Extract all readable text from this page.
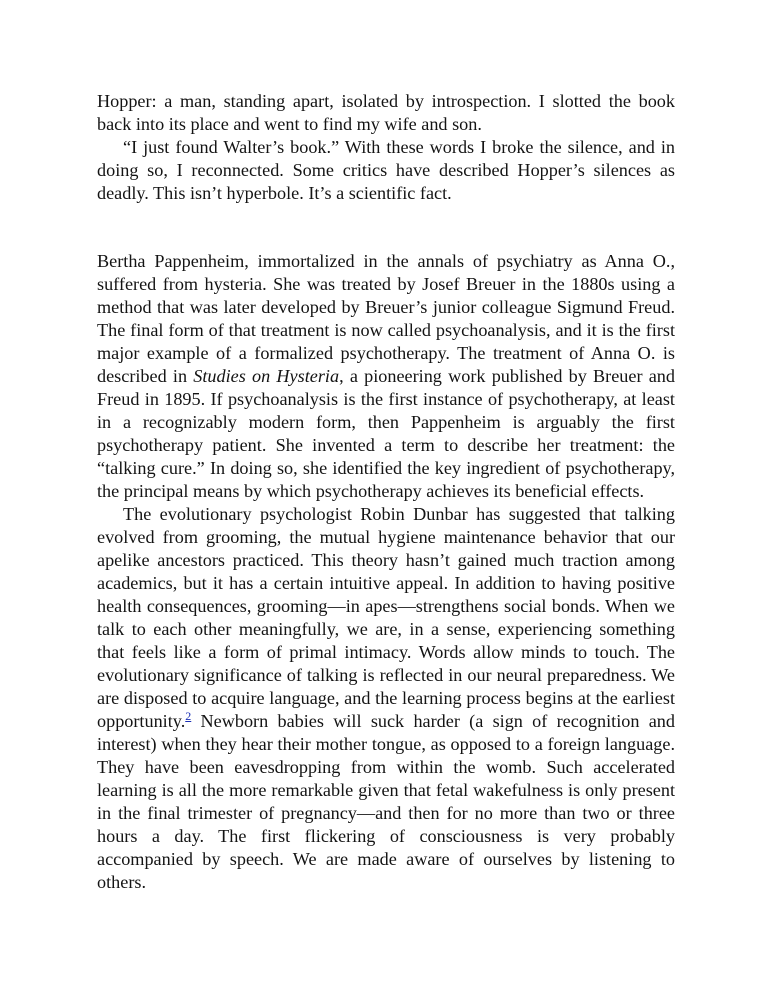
Hopper: a man, standing apart, isolated by introspection. I slotted the book back into its place and went to find my wife and son.

“I just found Walter’s book.” With these words I broke the silence, and in doing so, I reconnected. Some critics have described Hopper’s silences as deadly. This isn’t hyperbole. It’s a scientific fact.

Bertha Pappenheim, immortalized in the annals of psychiatry as Anna O., suffered from hysteria. She was treated by Josef Breuer in the 1880s using a method that was later developed by Breuer’s junior colleague Sigmund Freud. The final form of that treatment is now called psychoanalysis, and it is the first major example of a formalized psychotherapy. The treatment of Anna O. is described in Studies on Hysteria, a pioneering work published by Breuer and Freud in 1895. If psychoanalysis is the first instance of psychotherapy, at least in a recognizably modern form, then Pappenheim is arguably the first psychotherapy patient. She invented a term to describe her treatment: the “talking cure.” In doing so, she identified the key ingredient of psychotherapy, the principal means by which psychotherapy achieves its beneficial effects.

The evolutionary psychologist Robin Dunbar has suggested that talking evolved from grooming, the mutual hygiene maintenance behavior that our apelike ancestors practiced. This theory hasn’t gained much traction among academics, but it has a certain intuitive appeal. In addition to having positive health consequences, grooming—in apes—strengthens social bonds. When we talk to each other meaningfully, we are, in a sense, experiencing something that feels like a form of primal intimacy. Words allow minds to touch. The evolutionary significance of talking is reflected in our neural preparedness. We are disposed to acquire language, and the learning process begins at the earliest opportunity.$^2$ Newborn babies will suck harder (a sign of recognition and interest) when they hear their mother tongue, as opposed to a foreign language. They have been eavesdropping from within the womb. Such accelerated learning is all the more remarkable given that fetal wakefulness is only present in the final trimester of pregnancy—and then for no more than two or three hours a day. The first flickering of consciousness is very probably accompanied by speech. We are made aware of ourselves by listening to others.
